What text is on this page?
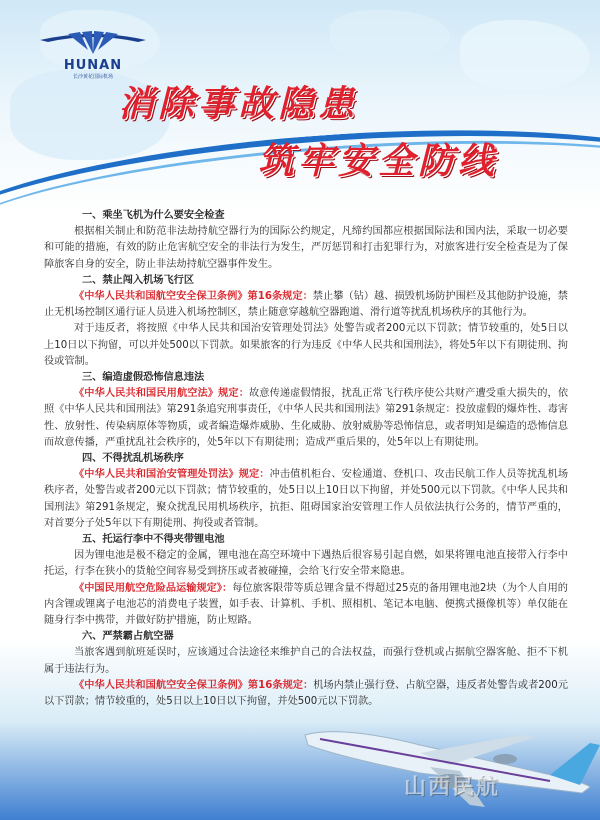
HUNAN
长沙黄花国际机场
消除事故隐患
筑牢安全防线

一、乘坐飞机为什么要安全检查

根据相关制止和防范非法劫持航空器行为的国际公约规定，凡缔约国都应根据国际法和国内法，采取一切必要和可能的措施，有效的防止危害航空安全的非法行为发生，严厉惩罚和打击犯罪行为，对旅客进行安全检查是为了保障旅客自身的安全，防止非法劫持航空器事件发生。

二、禁止闯入机场飞行区

《中华人民共和国航空安全保卫条例》第16条规定：禁止攀（钻）越、损毁机场防护围栏及其他防护设施，禁止无机场控制区通行证人员进入机场控制区，禁止随意穿越航空器跑道、滑行道等扰乱机场秩序的其他行为。

对于违反者，将按照《中华人民共和国治安管理处罚法》处警告或者200元以下罚款；情节较重的，处5日以上10日以下拘留，可以并处500以下罚款。如果旅客的行为违反《中华人民共和国刑法》，将处5年以下有期徒刑、拘役或管制。

三、编造虚假恐怖信息违法

《中华人民共和国民用航空法》规定：故意传递虚假情报，扰乱正常飞行秩序使公共财产遭受重大损失的，依照《中华人民共和国刑法》第291条追究刑事责任，《中华人民共和国刑法》第291条规定：投放虚假的爆炸性、毒害性、放射性、传染病原体等物质，或者编造爆炸威胁、生化威胁、放射威胁等恐怖信息，或者明知是编造的恐怖信息而故意传播，严重扰乱社会秩序的，处5年以下有期徒刑；造成严重后果的，处5年以上有期徒刑。

四、不得扰乱机场秩序

《中华人民共和国治安管理处罚法》规定：冲击值机柜台、安检通道、登机口、攻击民航工作人员等扰乱机场秩序者，处警告或者200元以下罚款；情节较重的，处5日以上10日以下拘留，并处500元以下罚款。《中华人民共和国刑法》第291条规定，聚众扰乱民用机场秩序，抗拒、阻碍国家治安管理工作人员依法执行公务的，情节严重的，对首要分子处5年以下有期徒刑、拘役或者管制。

五、托运行李中不得夹带锂电池

因为锂电池是极不稳定的金属，锂电池在高空环境中下遇热后很容易引起自燃，如果将锂电池直接带入行李中托运，行李在狭小的货舱空间容易受到挤压或者被碰撞，会给飞行安全带来隐患。

《中国民用航空危险品运输规定》：每位旅客限带等质总锂含量不得超过25克的备用锂电池2块（为个人自用的内含锂或锂离子电池芯的消费电子装置，如手表、计算机、手机、照相机、笔记本电脑、便携式摄像机等）单仅能在随身行李中携带，并做好防护措施，防止短路。

六、严禁霸占航空器

当旅客遇到航班延误时，应该通过合法途径来维护自己的合法权益，而强行登机或占据航空器客舱、拒不下机属于违法行为。

《中华人民共和国航空安全保卫条例》第16条规定：机场内禁止强行登、占航空器，违反者处警告或者200元以下罚款；情节较重的，处5日以上10日以下拘留，并处500元以下罚款。

山西民航
